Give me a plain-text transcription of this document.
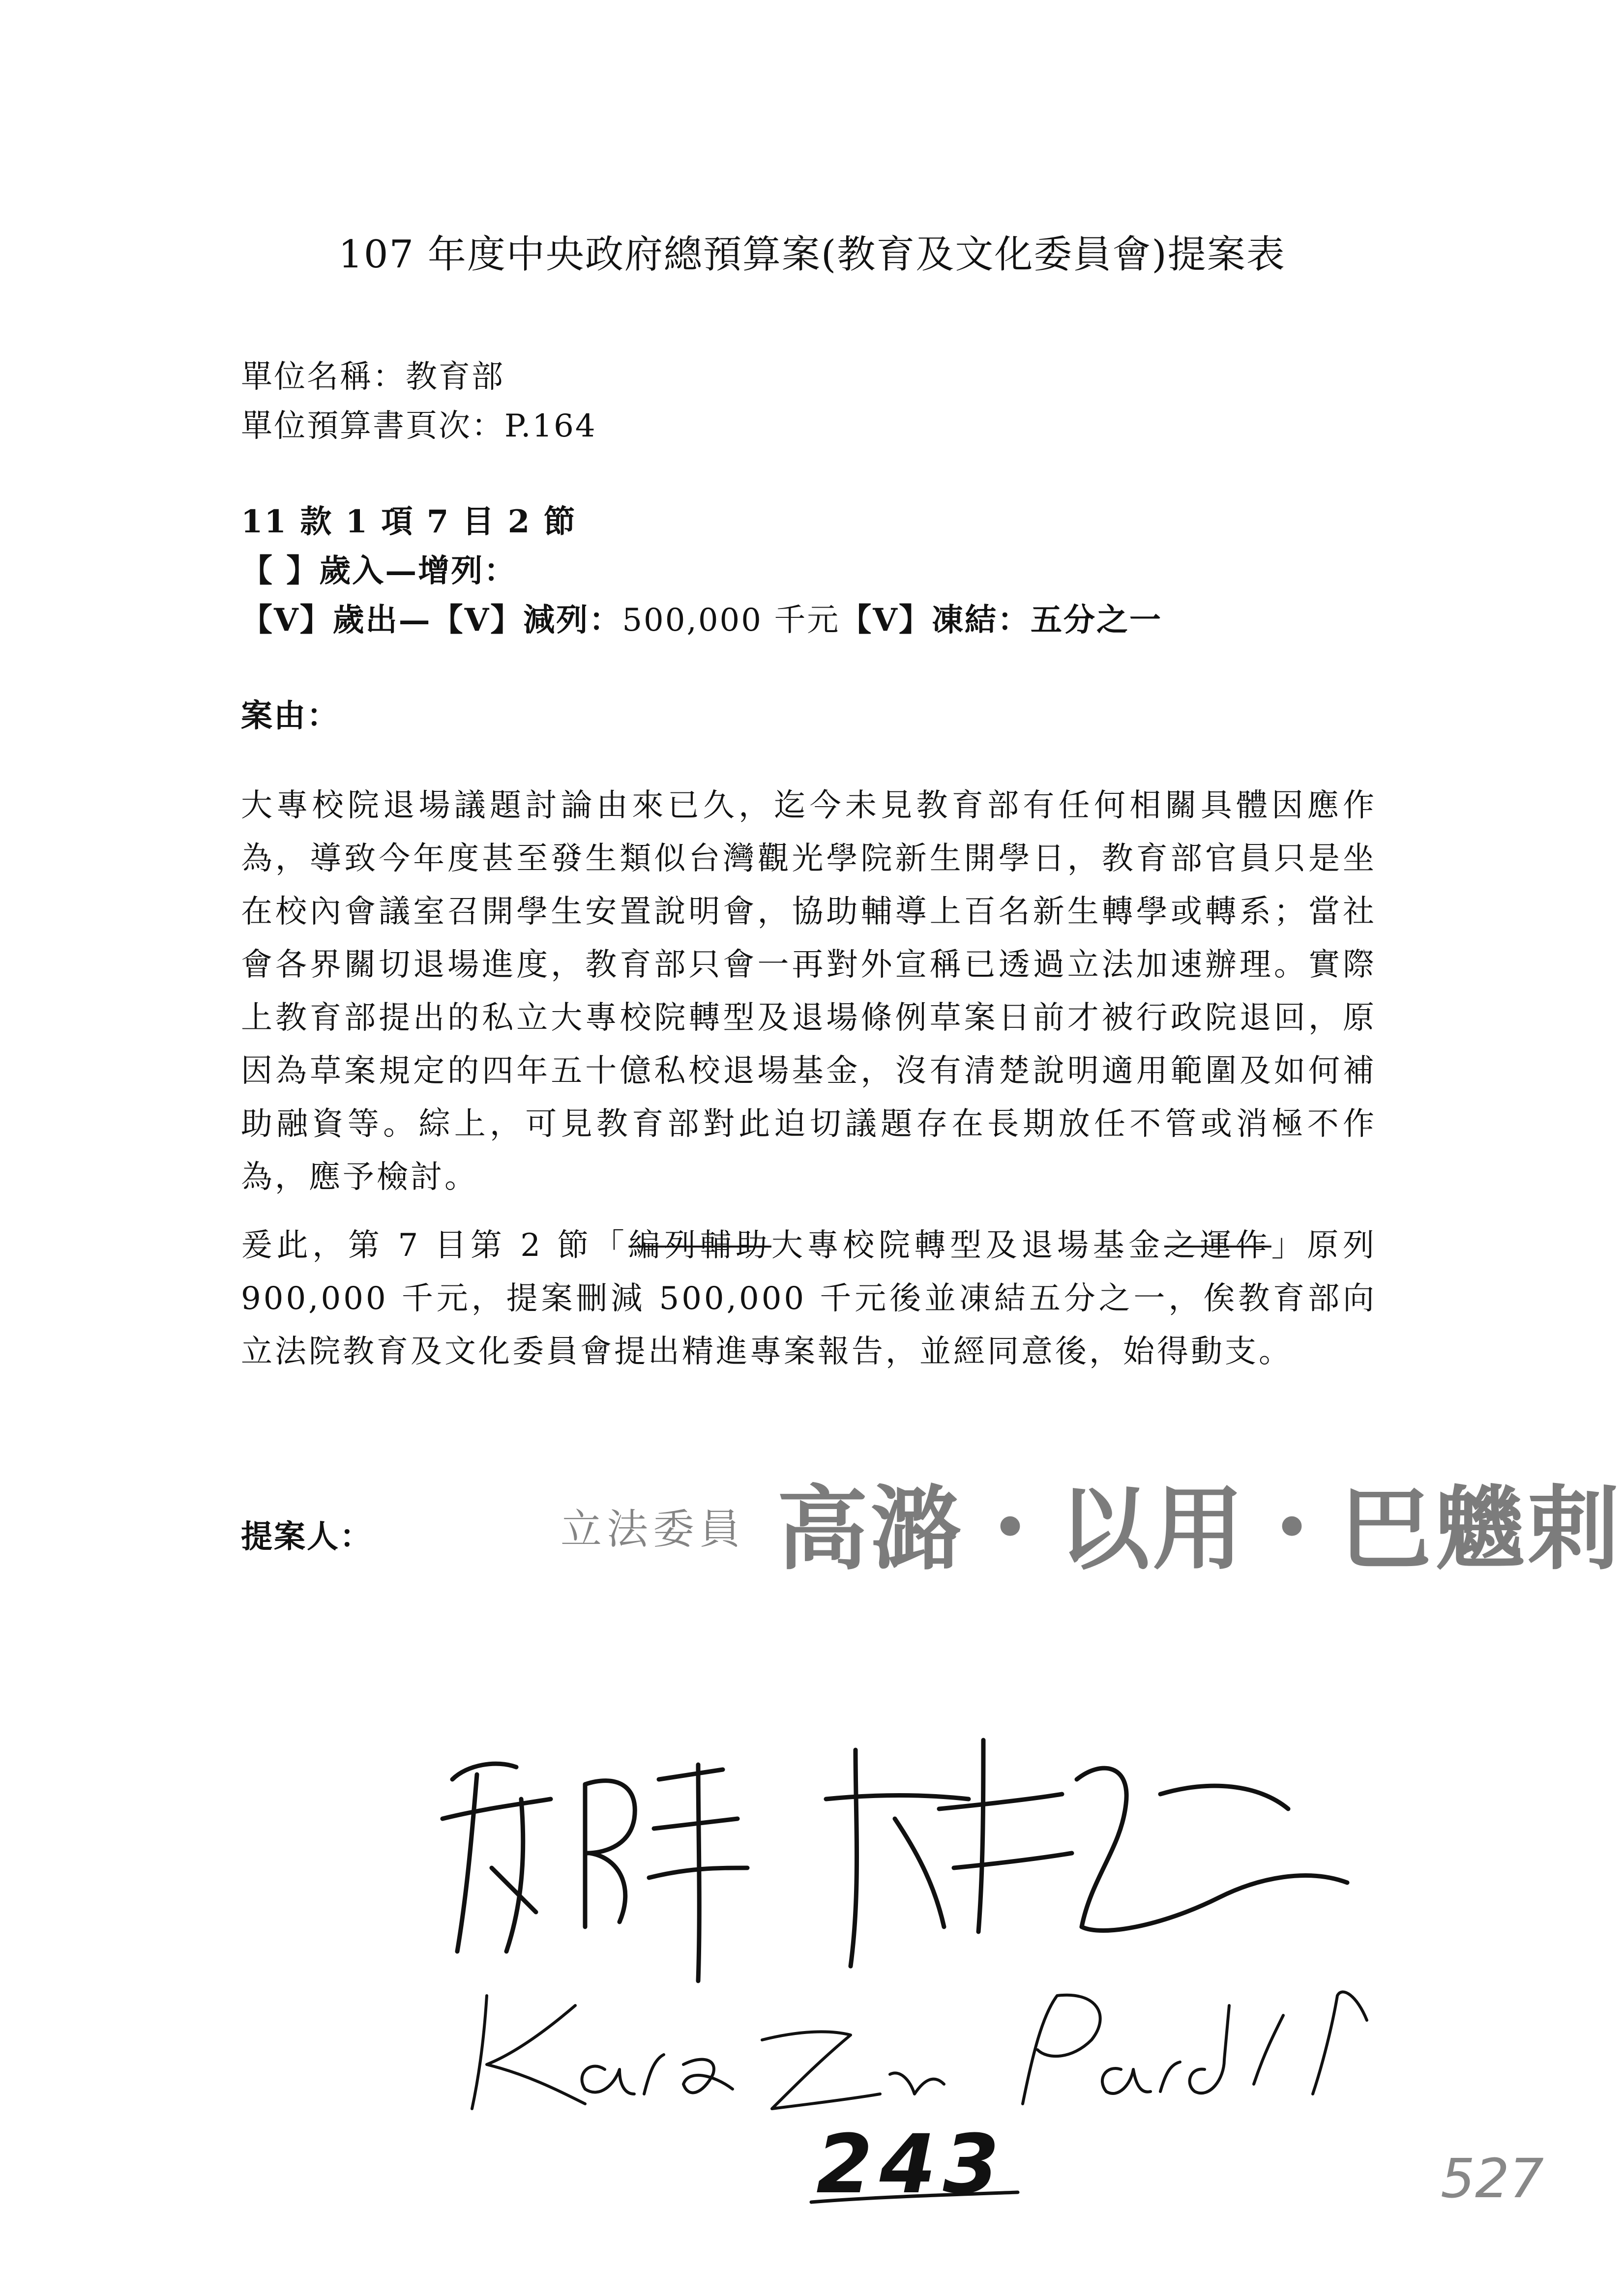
107 年度中央政府總預算案(教育及文化委員會)提案表
單位名稱：教育部
單位預算書頁次：P.164
11 款 1 項 7 目 2 節
【 】歲入—增列：
【V】歲出—【V】減列：500,000 千元【V】凍結：五分之一
案由：
大專校院退場議題討論由來已久，迄今未見教育部有任何相關具體因應作為，導致今年度甚至發生類似台灣觀光學院新生開學日，教育部官員只是坐在校內會議室召開學生安置說明會，協助輔導上百名新生轉學或轉系；當社會各界關切退場進度，教育部只會一再對外宣稱已透過立法加速辦理。實際上教育部提出的私立大專校院轉型及退場條例草案日前才被行政院退回，原因為草案規定的四年五十億私校退場基金，沒有清楚說明適用範圍及如何補助融資等。綜上，可見教育部對此迫切議題存在長期放任不管或消極不作為，應予檢討。
爰此，第 7 目第 2 節「編列輔助大專校院轉型及退場基金之運作」原列 900,000 千元，提案刪減 500,000 千元後並凍結五分之一，俟教育部向立法院教育及文化委員會提出精進專案報告，並經同意後，始得動支。
提案人：	立法委員 高潞・以用・巴魕剌
243	527
